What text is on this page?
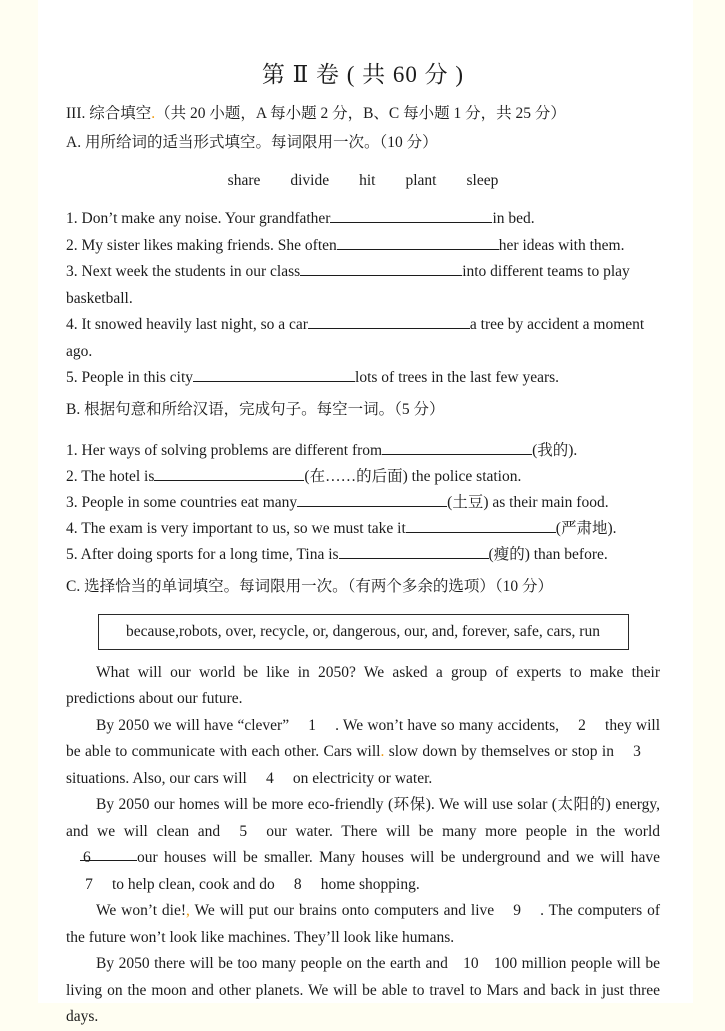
第 Ⅱ 卷 ( 共 60 分 )
III. 综合填空.（共 20 小题，A 每小题 2 分，B、C 每小题 1 分，共 25 分）
A. 用所给词的适当形式填空。每词限用一次。（10 分）
share divide hit plant sleep
1. Don’t make any noise. Your grandfather	in bed.
2. My sister likes making friends. She often	her ideas with them.
3. Next week the students in our class	into different teams to play basketball.
4. It snowed heavily last night, so a car	a tree by accident a moment ago.
5. People in this city	lots of trees in the last few years.
B. 根据句意和所给汉语，完成句子。每空一词。（5 分）
1. Her ways of solving problems are different from	(我的).
2. The hotel is	(在……的后面) the police station.
3. People in some countries eat many	(土豆) as their main food.
4. The exam is very important to us, so we must take it	(严肃地).
5. After doing sports for a long time, Tina is	(瘦的) than before.
C. 选择恰当的单词填空。每词限用一次。（有两个多余的选项）（10 分）
because,robots, over, recycle, or, dangerous, our, and, forever, safe, cars, run

What will our world be like in 2050? We asked a group of experts to make their predictions about our future.

By 2050 we will have “clever” 1 . We won’t have so many accidents, 2 they will be able to communicate with each other. Cars will. slow down by themselves or stop in 3situations. Also, our cars will 4 on electricity or water.

By 2050 our homes will be more eco-friendly (环保). We will use solar (太阳的) energy, and we will clean and 5 our water. There will be many more people in the world6	our houses will be smaller. Many houses will be underground and we will have7 to help clean, cook and do 8 home shopping.

We won’t die!, We will put our brains onto computers and live 9 . The computers of the future won’t look like machines. They’ll look like humans.

By 2050 there will be too many people on the earth and 10 100 million people will be living on the moon and other planets. We will be able to travel to Mars and back in just three days.
